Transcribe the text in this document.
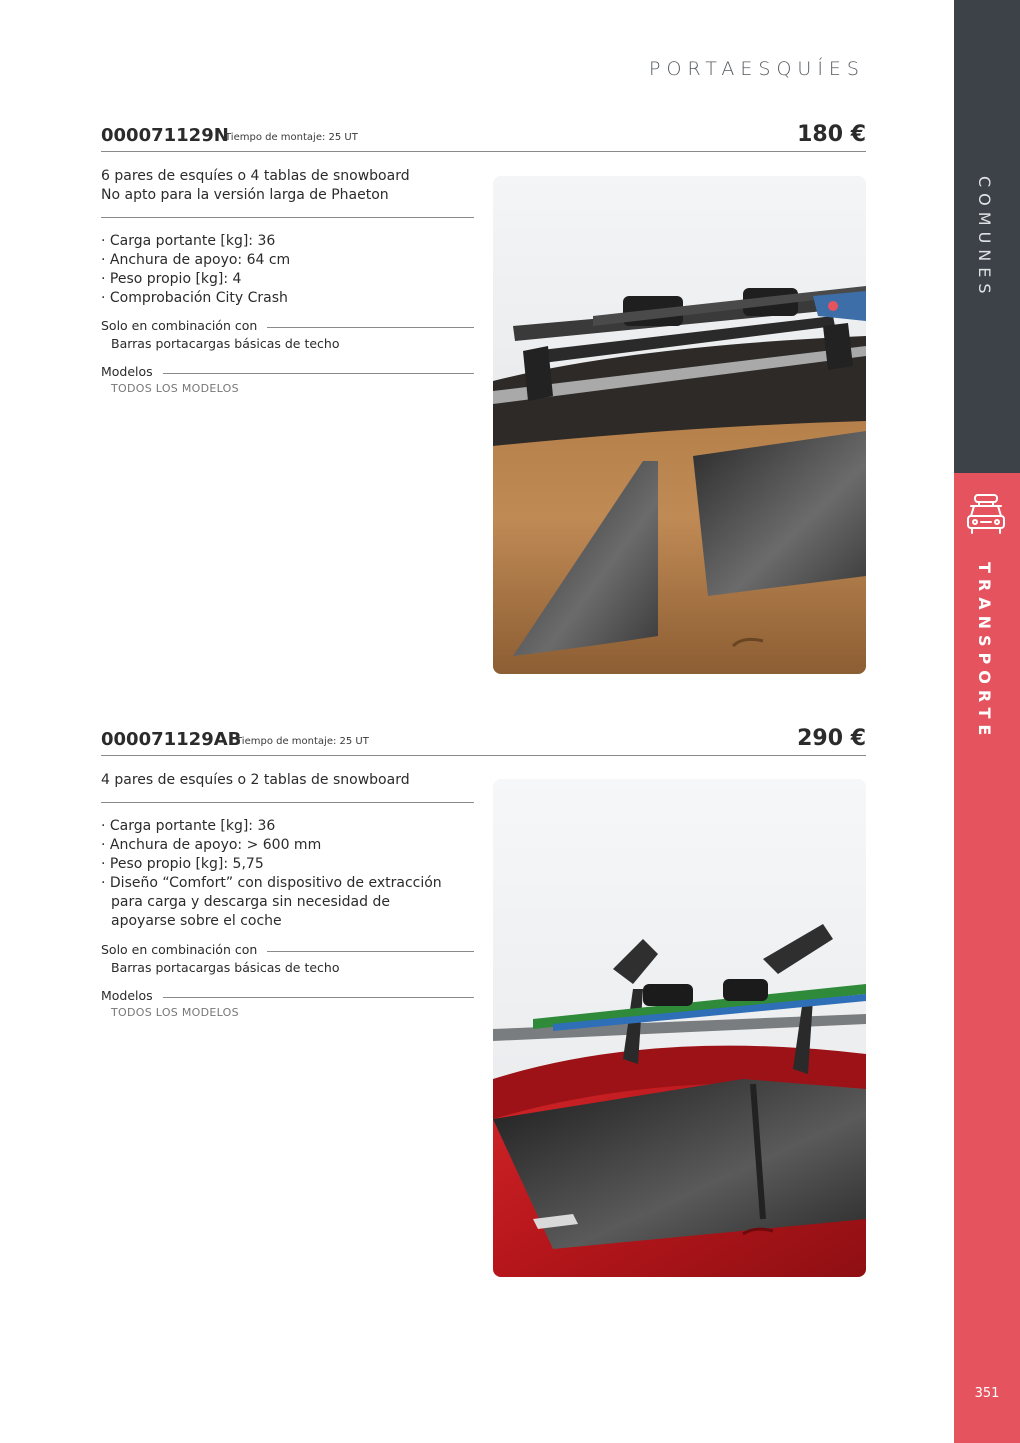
PORTAESQUÍES
COMUNES
TRANSPORTE
351
000071129N
Tiempo de montaje: 25 UT	180 €
6 pares de esquíes o 4 tablas de snowboard
No apto para la versión larga de Phaeton
· Carga portante [kg]: 36
· Anchura de apoyo: 64 cm
· Peso propio [kg]: 4
· Comprobación City Crash
Solo en combinación con
Barras portacargas básicas de techo
Modelos
TODOS LOS MODELOS
000071129AB
Tiempo de montaje: 25 UT	290 €
4 pares de esquíes o 2 tablas de snowboard
· Carga portante [kg]: 36
· Anchura de apoyo: > 600 mm
· Peso propio [kg]: 5,75
· Diseño “Comfort” con dispositivo de extracción para carga y descarga sin necesidad de apoyarse sobre el coche
Solo en combinación con
Barras portacargas básicas de techo
Modelos
TODOS LOS MODELOS
